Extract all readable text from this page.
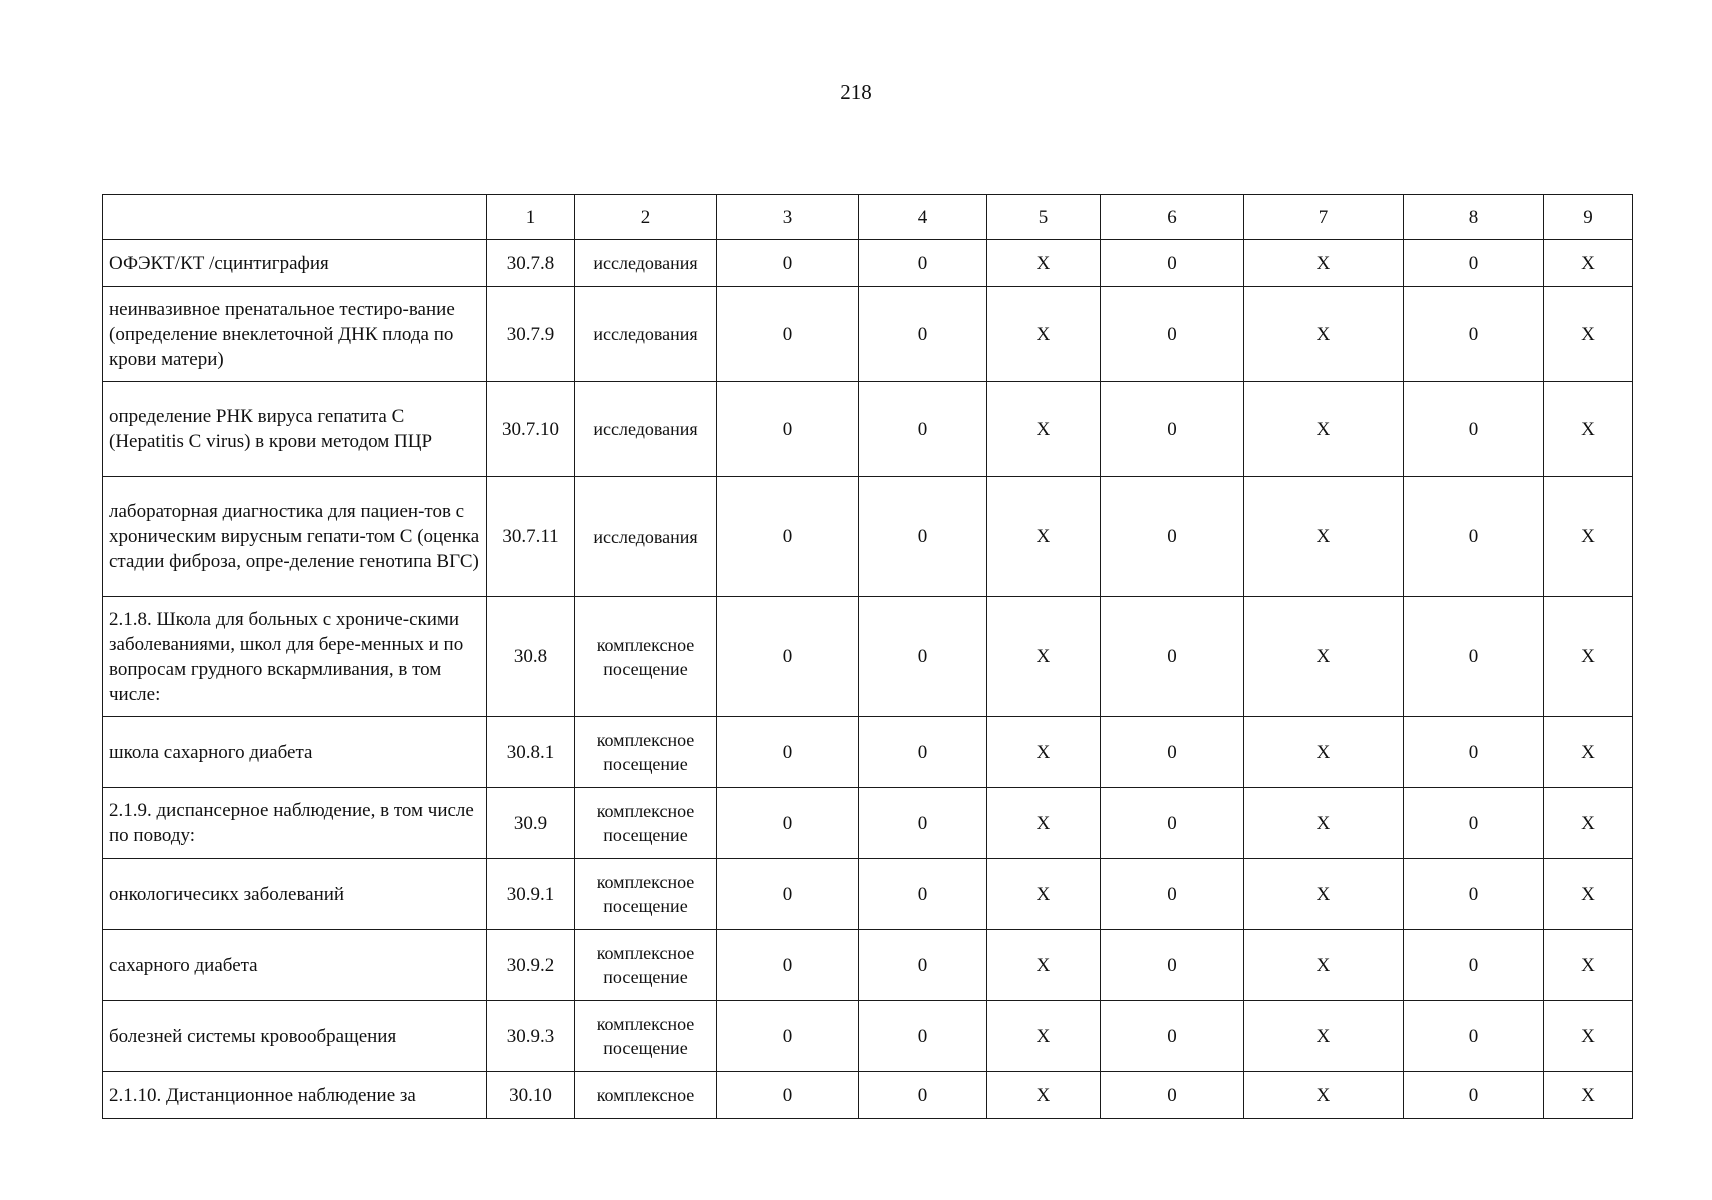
218
	1	2	3	4	5	6	7	8	9
ОФЭКТ/КТ /сцинтиграфия	30.7.8	исследования	0	0	X	0	X	0	X
неинвазивное пренатальное тестиро-вание (определение внеклеточной ДНК плода по крови матери)	30.7.9	исследования	0	0	X	0	X	0	X
определение РНК вируса гепатита С (Hepatitis C virus) в крови методом ПЦР	30.7.10	исследования	0	0	X	0	X	0	X
лабораторная диагностика для пациен-тов с хроническим вирусным гепати-том С (оценка стадии фиброза, опре-деление генотипа ВГС)	30.7.11	исследования	0	0	X	0	X	0	X
2.1.8. Школа для больных с хрониче-скими заболеваниями, школ для бере-менных и по вопросам грудного вскармливания, в том числе:	30.8	комплексное посещение	0	0	X	0	X	0	X
школа сахарного диабета	30.8.1	комплексное посещение	0	0	X	0	X	0	X
2.1.9. диспансерное наблюдение, в том числе по поводу:	30.9	комплексное посещение	0	0	X	0	X	0	X
онкологичесикх заболеваний	30.9.1	комплексное посещение	0	0	X	0	X	0	X
сахарного диабета	30.9.2	комплексное посещение	0	0	X	0	X	0	X
болезней системы кровообращения	30.9.3	комплексное посещение	0	0	X	0	X	0	X
2.1.10. Дистанционное наблюдение за	30.10	комплексное	0	0	X	0	X	0	X
